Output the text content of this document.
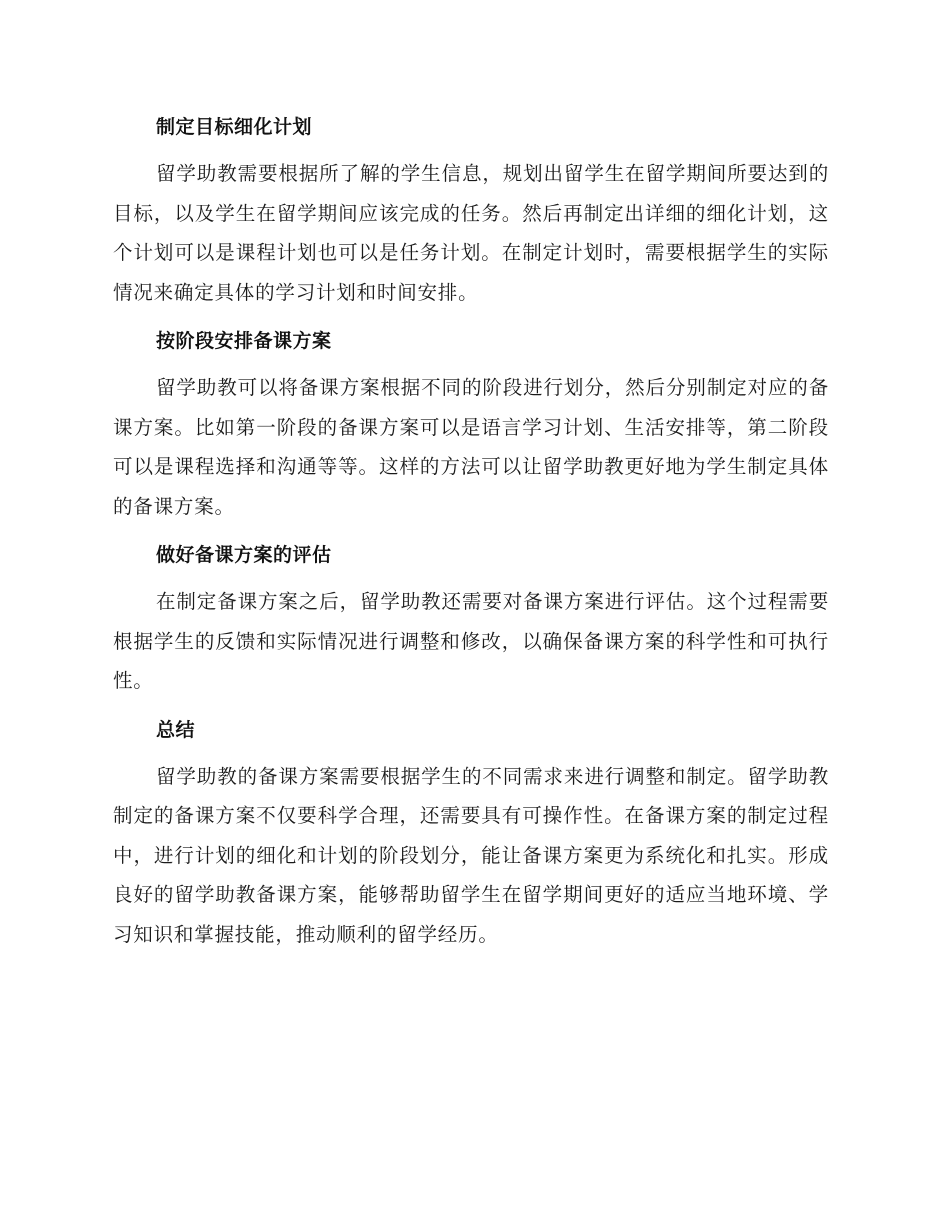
制定目标细化计划

留学助教需要根据所了解的学生信息，规划出留学生在留学期间所要达到的目标，以及学生在留学期间应该完成的任务。然后再制定出详细的细化计划，这个计划可以是课程计划也可以是任务计划。在制定计划时，需要根据学生的实际情况来确定具体的学习计划和时间安排。

按阶段安排备课方案

留学助教可以将备课方案根据不同的阶段进行划分，然后分别制定对应的备课方案。比如第一阶段的备课方案可以是语言学习计划、生活安排等，第二阶段可以是课程选择和沟通等等。这样的方法可以让留学助教更好地为学生制定具体的备课方案。

做好备课方案的评估

在制定备课方案之后，留学助教还需要对备课方案进行评估。这个过程需要根据学生的反馈和实际情况进行调整和修改，以确保备课方案的科学性和可执行性。

总结

留学助教的备课方案需要根据学生的不同需求来进行调整和制定。留学助教制定的备课方案不仅要科学合理，还需要具有可操作性。在备课方案的制定过程中，进行计划的细化和计划的阶段划分，能让备课方案更为系统化和扎实。形成良好的留学助教备课方案，能够帮助留学生在留学期间更好的适应当地环境、学习知识和掌握技能，推动顺利的留学经历。
